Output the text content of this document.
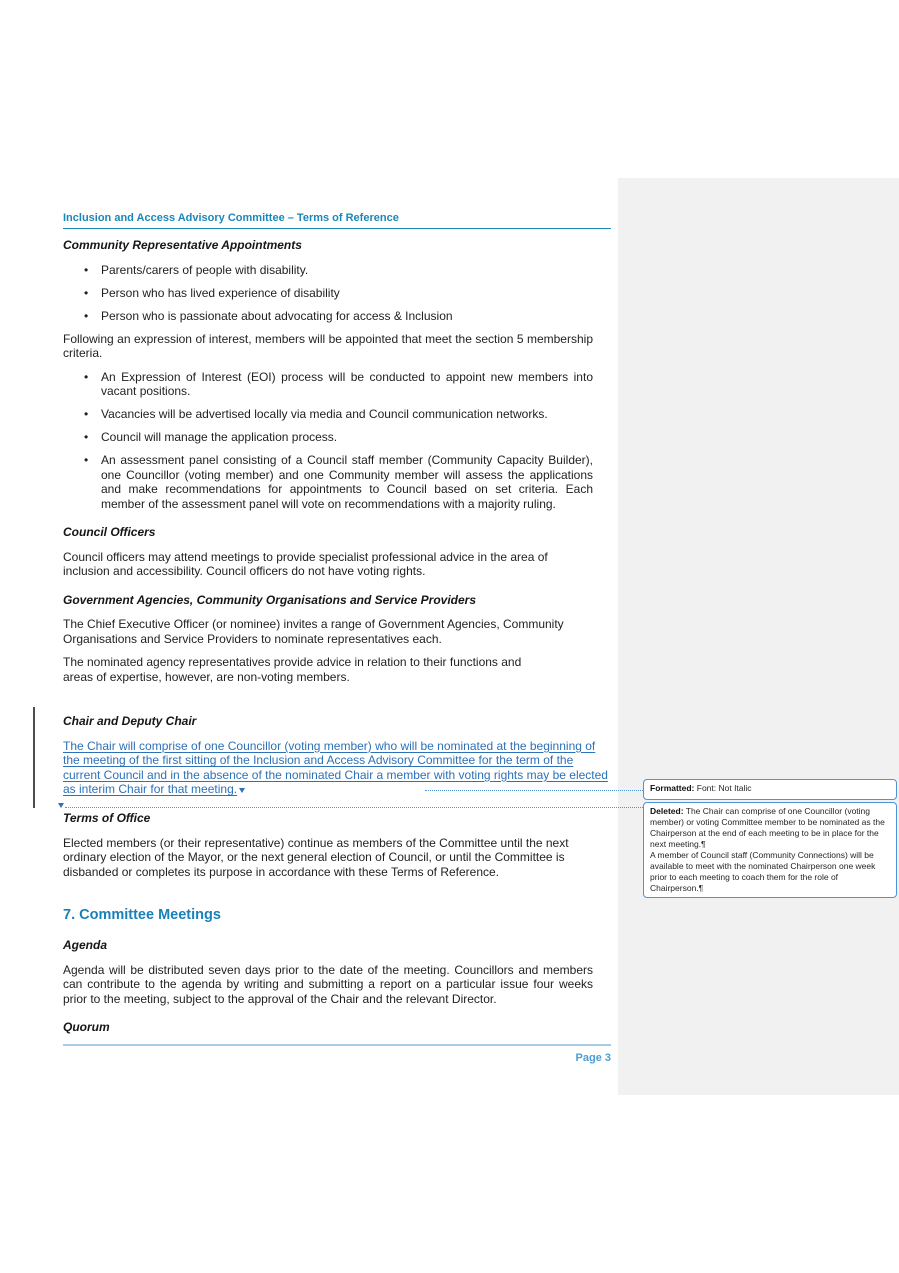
Inclusion and Access Advisory Committee – Terms of Reference
Community Representative Appointments
• Parents/carers of people with disability.
• Person who has lived experience of disability
• Person who is passionate about advocating for access & Inclusion

Following an expression of interest, members will be appointed that meet the section 5 membership criteria.

• An Expression of Interest (EOI) process will be conducted to appoint new members into vacant positions.
• Vacancies will be advertised locally via media and Council communication networks.
• Council will manage the application process.
• An assessment panel consisting of a Council staff member (Community Capacity Builder), one Councillor (voting member) and one Community member will assess the applications and make recommendations for appointments to Council based on set criteria. Each member of the assessment panel will vote on recommendations with a majority ruling.
Council Officers

Council officers may attend meetings to provide specialist professional advice in the area of inclusion and accessibility. Council officers do not have voting rights.

Government Agencies, Community Organisations and Service Providers

The Chief Executive Officer (or nominee) invites a range of Government Agencies, Community Organisations and Service Providers to nominate representatives each.

The nominated agency representatives provide advice in relation to their functions and areas of expertise, however, are non-voting members.

Chair and Deputy Chair

The Chair will comprise of one Councillor (voting member) who will be nominated at the beginning of the meeting of the first sitting of the Inclusion and Access Advisory Committee for the term of the current Council and in the absence of the nominated Chair a member with voting rights may be elected as interim Chair for that meeting.

Terms of Office

Elected members (or their representative) continue as members of the Committee until the next ordinary election of the Mayor, or the next general election of Council, or until the Committee is disbanded or completes its purpose in accordance with these Terms of Reference.

7. Committee Meetings
Agenda

Agenda will be distributed seven days prior to the date of the meeting. Councillors and members can contribute to the agenda by writing and submitting a report on a particular issue four weeks prior to the meeting, subject to the approval of the Chair and the relevant Director.

Quorum
Formatted: Font: Not Italic
Deleted: The Chair can comprise of one Councillor (voting member) or voting Committee member to be nominated as the Chairperson at the end of each meeting to be in place for the next meeting.¶
A member of Council staff (Community Connections) will be available to meet with the nominated Chairperson one week prior to each meeting to coach them for the role of Chairperson.¶
Page 3
